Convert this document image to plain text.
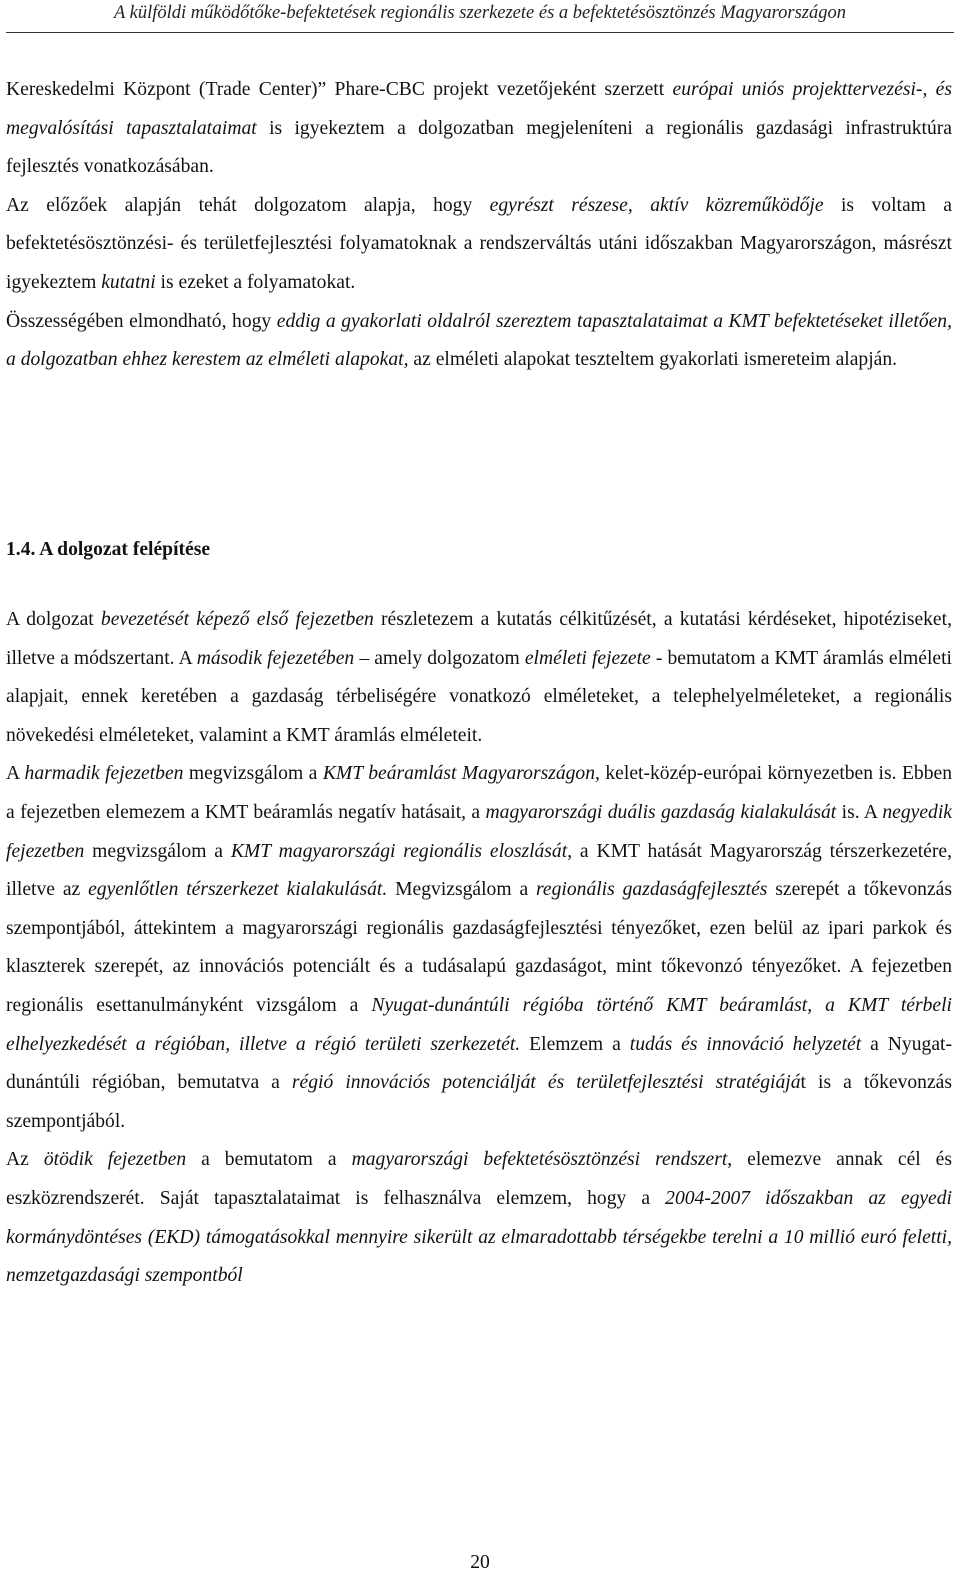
A külföldi működőtőke-befektetések regionális szerkezete és a befektetésösztönzés Magyarországon

Kereskedelmi Központ (Trade Center)” Phare-CBC projekt vezetőjeként szerzett európai uniós projekttervezési-, és megvalósítási tapasztalataimat is igyekeztem a dolgozatban megjeleníteni a regionális gazdasági infrastruktúra fejlesztés vonatkozásában.

Az előzőek alapján tehát dolgozatom alapja, hogy egyrészt részese, aktív közreműködője is voltam a befektetésösztönzési- és területfejlesztési folyamatoknak a rendszerváltás utáni időszakban Magyarországon, másrészt igyekeztem kutatni is ezeket a folyamatokat.

Összességében elmondható, hogy eddig a gyakorlati oldalról szereztem tapasztalataimat a KMT befektetéseket illetően, a dolgozatban ehhez kerestem az elméleti alapokat, az elméleti alapokat teszteltem gyakorlati ismereteim alapján.

1.4. A dolgozat felépítése

A dolgozat bevezetését képező első fejezetben részletezem a kutatás célkitűzését, a kutatási kérdéseket, hipotéziseket, illetve a módszertant. A második fejezetében – amely dolgozatom elméleti fejezete - bemutatom a KMT áramlás elméleti alapjait, ennek keretében a gazdaság térbeliségére vonatkozó elméleteket, a telephelyelméleteket, a regionális növekedési elméleteket, valamint a KMT áramlás elméleteit.

A harmadik fejezetben megvizsgálom a KMT beáramlást Magyarországon, kelet-közép-európai környezetben is. Ebben a fejezetben elemezem a KMT beáramlás negatív hatásait, a magyarországi duális gazdaság kialakulását is. A negyedik fejezetben megvizsgálom a KMT magyarországi regionális eloszlását, a KMT hatását Magyarország térszerkezetére, illetve az egyenlőtlen térszerkezet kialakulását. Megvizsgálom a regionális gazdaságfejlesztés szerepét a tőkevonzás szempontjából, áttekintem a magyarországi regionális gazdaságfejlesztési tényezőket, ezen belül az ipari parkok és klaszterek szerepét, az innovációs potenciált és a tudásalapú gazdaságot, mint tőkevonzó tényezőket. A fejezetben regionális esettanulmányként vizsgálom a Nyugat-dunántúli régióba történő KMT beáramlást, a KMT térbeli elhelyezkedését a régióban, illetve a régió területi szerkezetét. Elemzem a tudás és innováció helyzetét a Nyugat-dunántúli régióban, bemutatva a régió innovációs potenciálját és területfejlesztési stratégiáját is a tőkevonzás szempontjából.

Az ötödik fejezetben a bemutatom a magyarországi befektetésösztönzési rendszert, elemezve annak cél és eszközrendszerét. Saját tapasztalataimat is felhasználva elemzem, hogy a 2004-2007 időszakban az egyedi kormánydöntéses (EKD) támogatásokkal mennyire sikerült az elmaradottabb térségekbe terelni a 10 millió euró feletti, nemzetgazdasági szempontból

20
